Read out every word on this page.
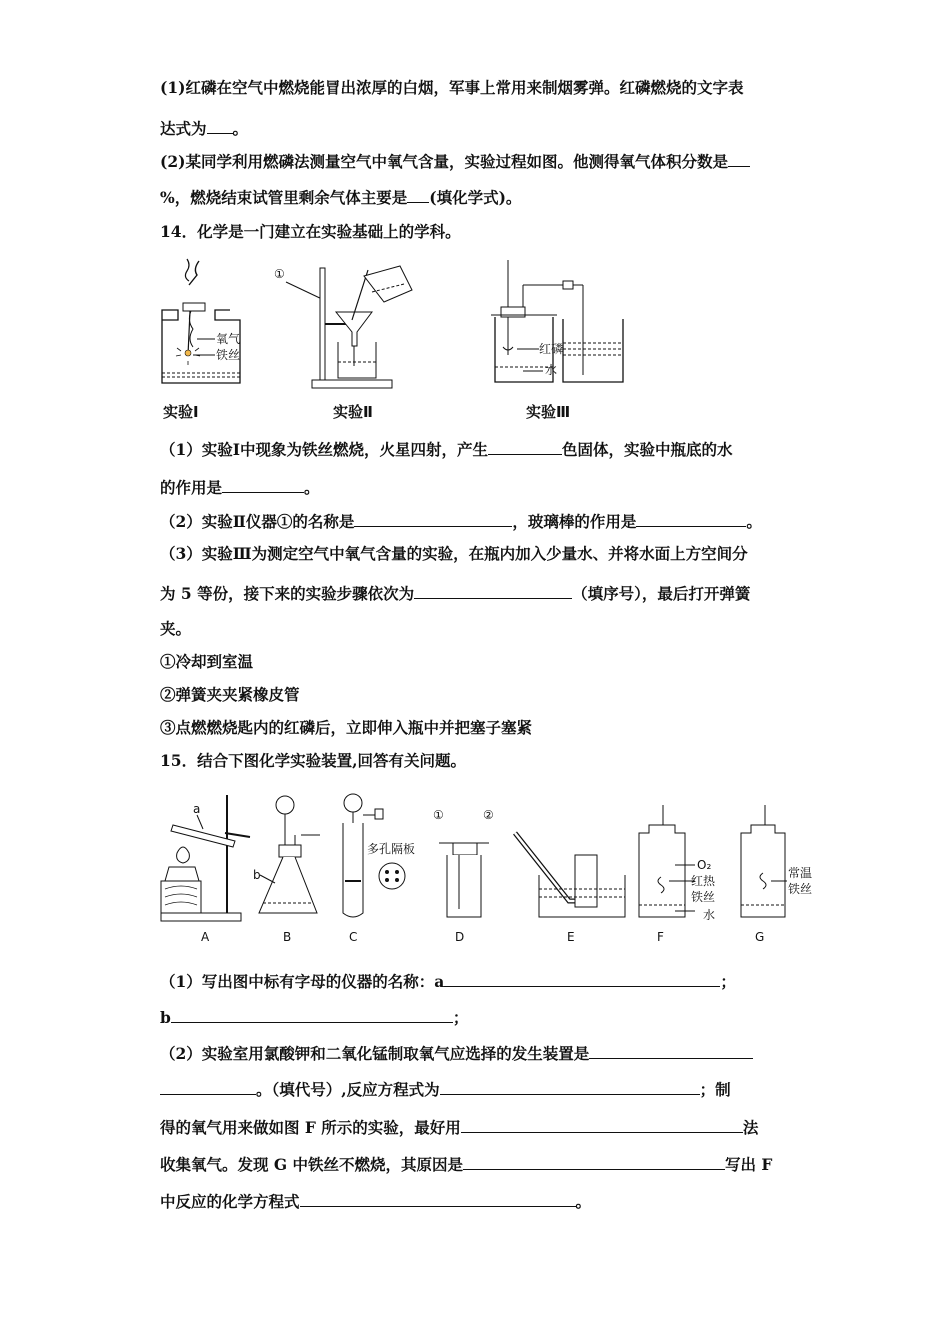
(1)红磷在空气中燃烧能冒出浓厚的白烟，军事上常用来制烟雾弹。红磷燃烧的文字表
达式为 。
(2)某同学利用燃磷法测量空气中氧气含量，实验过程如图。他测得氧气体积分数是
%，燃烧结束试管里剩余气体主要是 (填化学式)。
14．化学是一门建立在实验基础上的学科。
氧气
铁丝
实验Ⅰ
①
实验Ⅱ
红磷
水
实验Ⅲ
（1）实验Ⅰ中现象为铁丝燃烧，火星四射，产生	色固体，实验中瓶底的水
的作用是	。
（2）实验Ⅱ仪器①的名称是	，玻璃棒的作用是	。
（3）实验Ⅲ为测定空气中氧气含量的实验，在瓶内加入少量水、并将水面上方空间分
为 5 等份，接下来的实验步骤依次为	（填序号），最后打开弹簧
夹。
①冷却到室温
②弹簧夹夹紧橡皮管
③点燃燃烧匙内的红磷后，立即伸入瓶中并把塞子塞紧
15．结合下图化学实验装置,回答有关问题。
a
A
b
B
多孔隔板
C
①	②
D	E
O₂
红热
铁丝
水
F
常温
铁丝
G
（1）写出图中标有字母的仪器的名称：a	；
b	；
（2）实验室用氯酸钾和二氧化锰制取氧气应选择的发生装置是
。（填代号）,反应方程式为	；制
得的氧气用来做如图 F 所示的实验，最好用	法
收集氧气。发现 G 中铁丝不燃烧，其原因是	写出 F
中反应的化学方程式	。
